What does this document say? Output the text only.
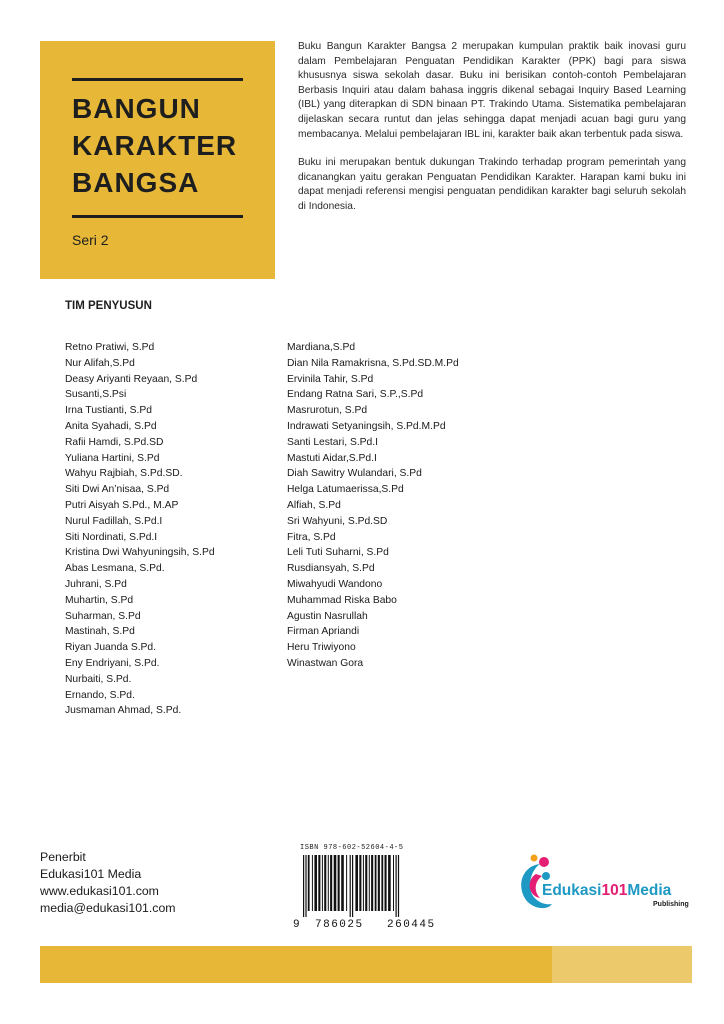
BANGUN
KARAKTER
BANGSA
Seri 2

Buku Bangun Karakter Bangsa 2 merupakan kumpulan praktik baik inovasi guru dalam Pembelajaran Penguatan Pendidikan Karakter (PPK) bagi para siswa khususnya siswa sekolah dasar. Buku ini berisikan contoh-contoh Pembelajaran Berbasis Inquiri atau dalam bahasa inggris dikenal sebagai Inquiry Based Learning (IBL) yang diterapkan di SDN binaan PT. Trakindo Utama. Sistematika pembelajaran dijelaskan secara runtut dan jelas sehingga dapat menjadi acuan bagi guru yang membacanya. Melalui pembelajaran IBL ini, karakter baik akan terbentuk pada siswa.

Buku ini merupakan bentuk dukungan Trakindo terhadap program pemerintah yang dicanangkan yaitu gerakan Penguatan Pendidikan Karakter. Harapan kami buku ini dapat menjadi referensi mengisi penguatan pendidikan karakter bagi seluruh sekolah di Indonesia.

TIM PENYUSUN
Retno Pratiwi, S.Pd
Nur Alifah,S.Pd
Deasy Ariyanti Reyaan, S.Pd
Susanti,S.Psi
Irna Tustianti, S.Pd
Anita Syahadi, S.Pd
Rafii Hamdi, S.Pd.SD
Yuliana Hartini, S.Pd
Wahyu Rajbiah, S.Pd.SD.
Siti Dwi An’nisaa, S.Pd
Putri Aisyah S.Pd., M.AP
Nurul Fadillah, S.Pd.I
Siti Nordinati, S.Pd.I
Kristina Dwi Wahyuningsih, S.Pd
Abas Lesmana, S.Pd.
Juhrani, S.Pd
Muhartin, S.Pd
Suharman, S.Pd
Mastinah, S.Pd
Riyan Juanda S.Pd.
Eny Endriyani, S.Pd.
Nurbaiti, S.Pd.
Ernando, S.Pd.
Jusmaman Ahmad, S.Pd.
Mardiana,S.Pd
Dian Nila Ramakrisna, S.Pd.SD.M.Pd
Ervinila Tahir, S.Pd
Endang Ratna Sari, S.P.,S.Pd
Masrurotun, S.Pd
Indrawati Setyaningsih, S.Pd.M.Pd
Santi Lestari, S.Pd.I
Mastuti Aidar,S.Pd.I
Diah Sawitry Wulandari, S.Pd
Helga Latumaerissa,S.Pd
Alfiah, S.Pd
Sri Wahyuni, S.Pd.SD
Fitra, S.Pd
Leli Tuti Suharni, S.Pd
Rusdiansyah, S.Pd
Miwahyudi Wandono
Muhammad Riska Babo
Agustin Nasrullah
Firman Apriandi
Heru Triwiyono
Winastwan Gora
Penerbit
Edukasi101 Media
www.edukasi101.com
media@edukasi101.com
ISBN 978-602-52604-4-5
9 786025 260445
Edukasi101Media
Publishing
